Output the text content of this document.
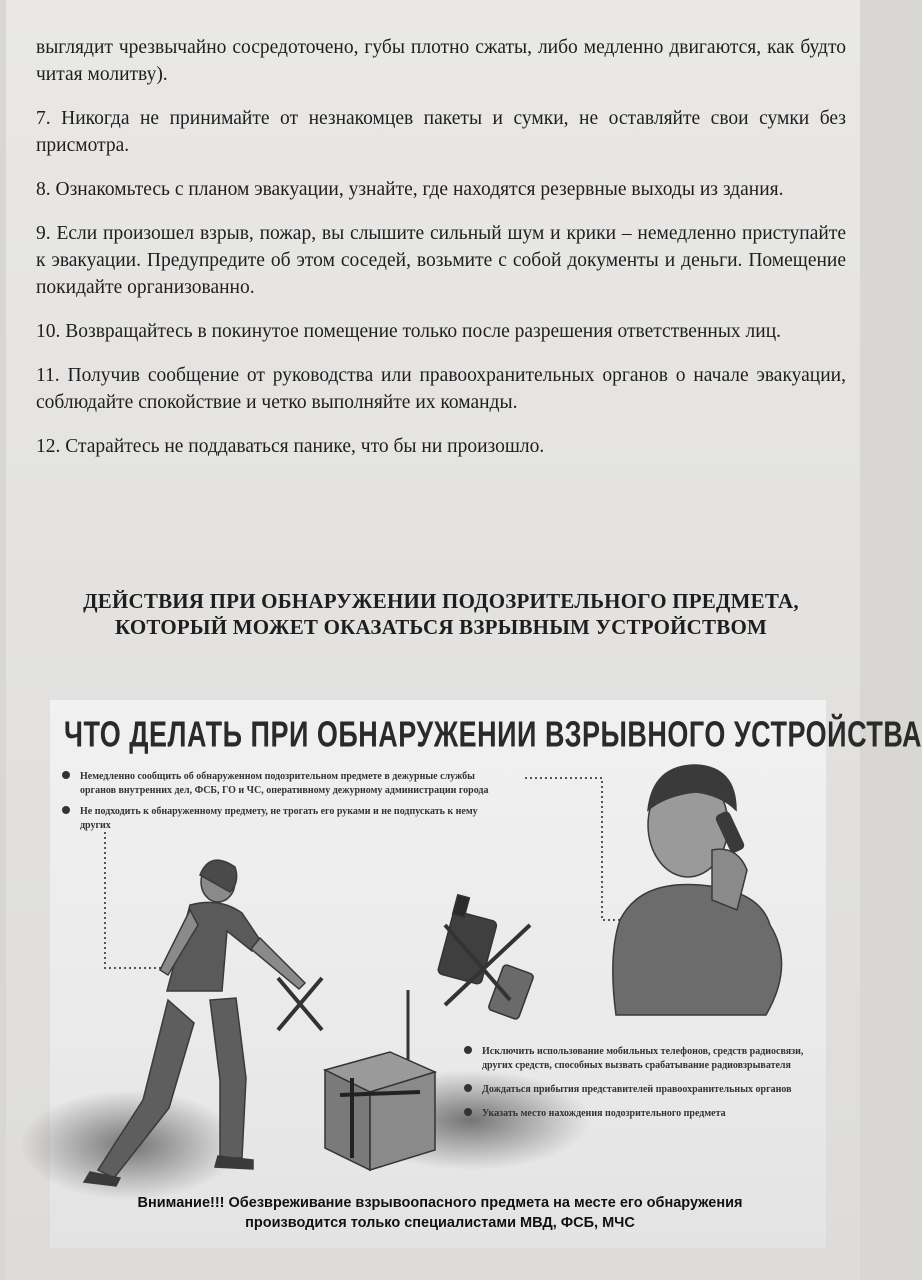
выглядит чрезвычайно сосредоточено, губы плотно сжаты, либо медленно двигаются, как будто читая молитву).

7. Никогда не принимайте от незнакомцев пакеты и сумки, не оставляйте свои сумки без присмотра.

8. Ознакомьтесь с планом эвакуации, узнайте, где находятся резервные выходы из здания.

9. Если произошел взрыв, пожар, вы слышите сильный шум и крики – немедленно приступайте к эвакуации. Предупредите об этом соседей, возьмите с собой документы и деньги. Помещение покидайте организованно.

10. Возвращайтесь в покинутое помещение только после разрешения ответственных лиц.

11. Получив сообщение от руководства или правоохранительных органов о начале эвакуации, соблюдайте спокойствие и четко выполняйте их команды.

12. Старайтесь не поддаваться панике, что бы ни произошло.

ДЕЙСТВИЯ ПРИ ОБНАРУЖЕНИИ ПОДОЗРИТЕЛЬНОГО ПРЕДМЕТА,
КОТОРЫЙ МОЖЕТ ОКАЗАТЬСЯ ВЗРЫВНЫМ УСТРОЙСТВОМ
ЧТО ДЕЛАТЬ ПРИ ОБНАРУЖЕНИИ ВЗРЫВНОГО УСТРОЙСТВА
Немедленно сообщить об обнаруженном подозрительном предмете в дежурные службы органов внутренних дел, ФСБ, ГО и ЧС, оперативному дежурному администрации города
Не подходить к обнаруженному предмету, не трогать его руками и не подпускать к нему других
Исключить использование мобильных телефонов, средств радиосвязи, других средств, способных вызвать срабатывание радиовзрывателя
Дождаться прибытия представителей правоохранительных органов
Указать место нахождения подозрительного предмета
Внимание!!! Обезвреживание взрывоопасного предмета на месте его обнаружения
производится только специалистами МВД, ФСБ, МЧС
